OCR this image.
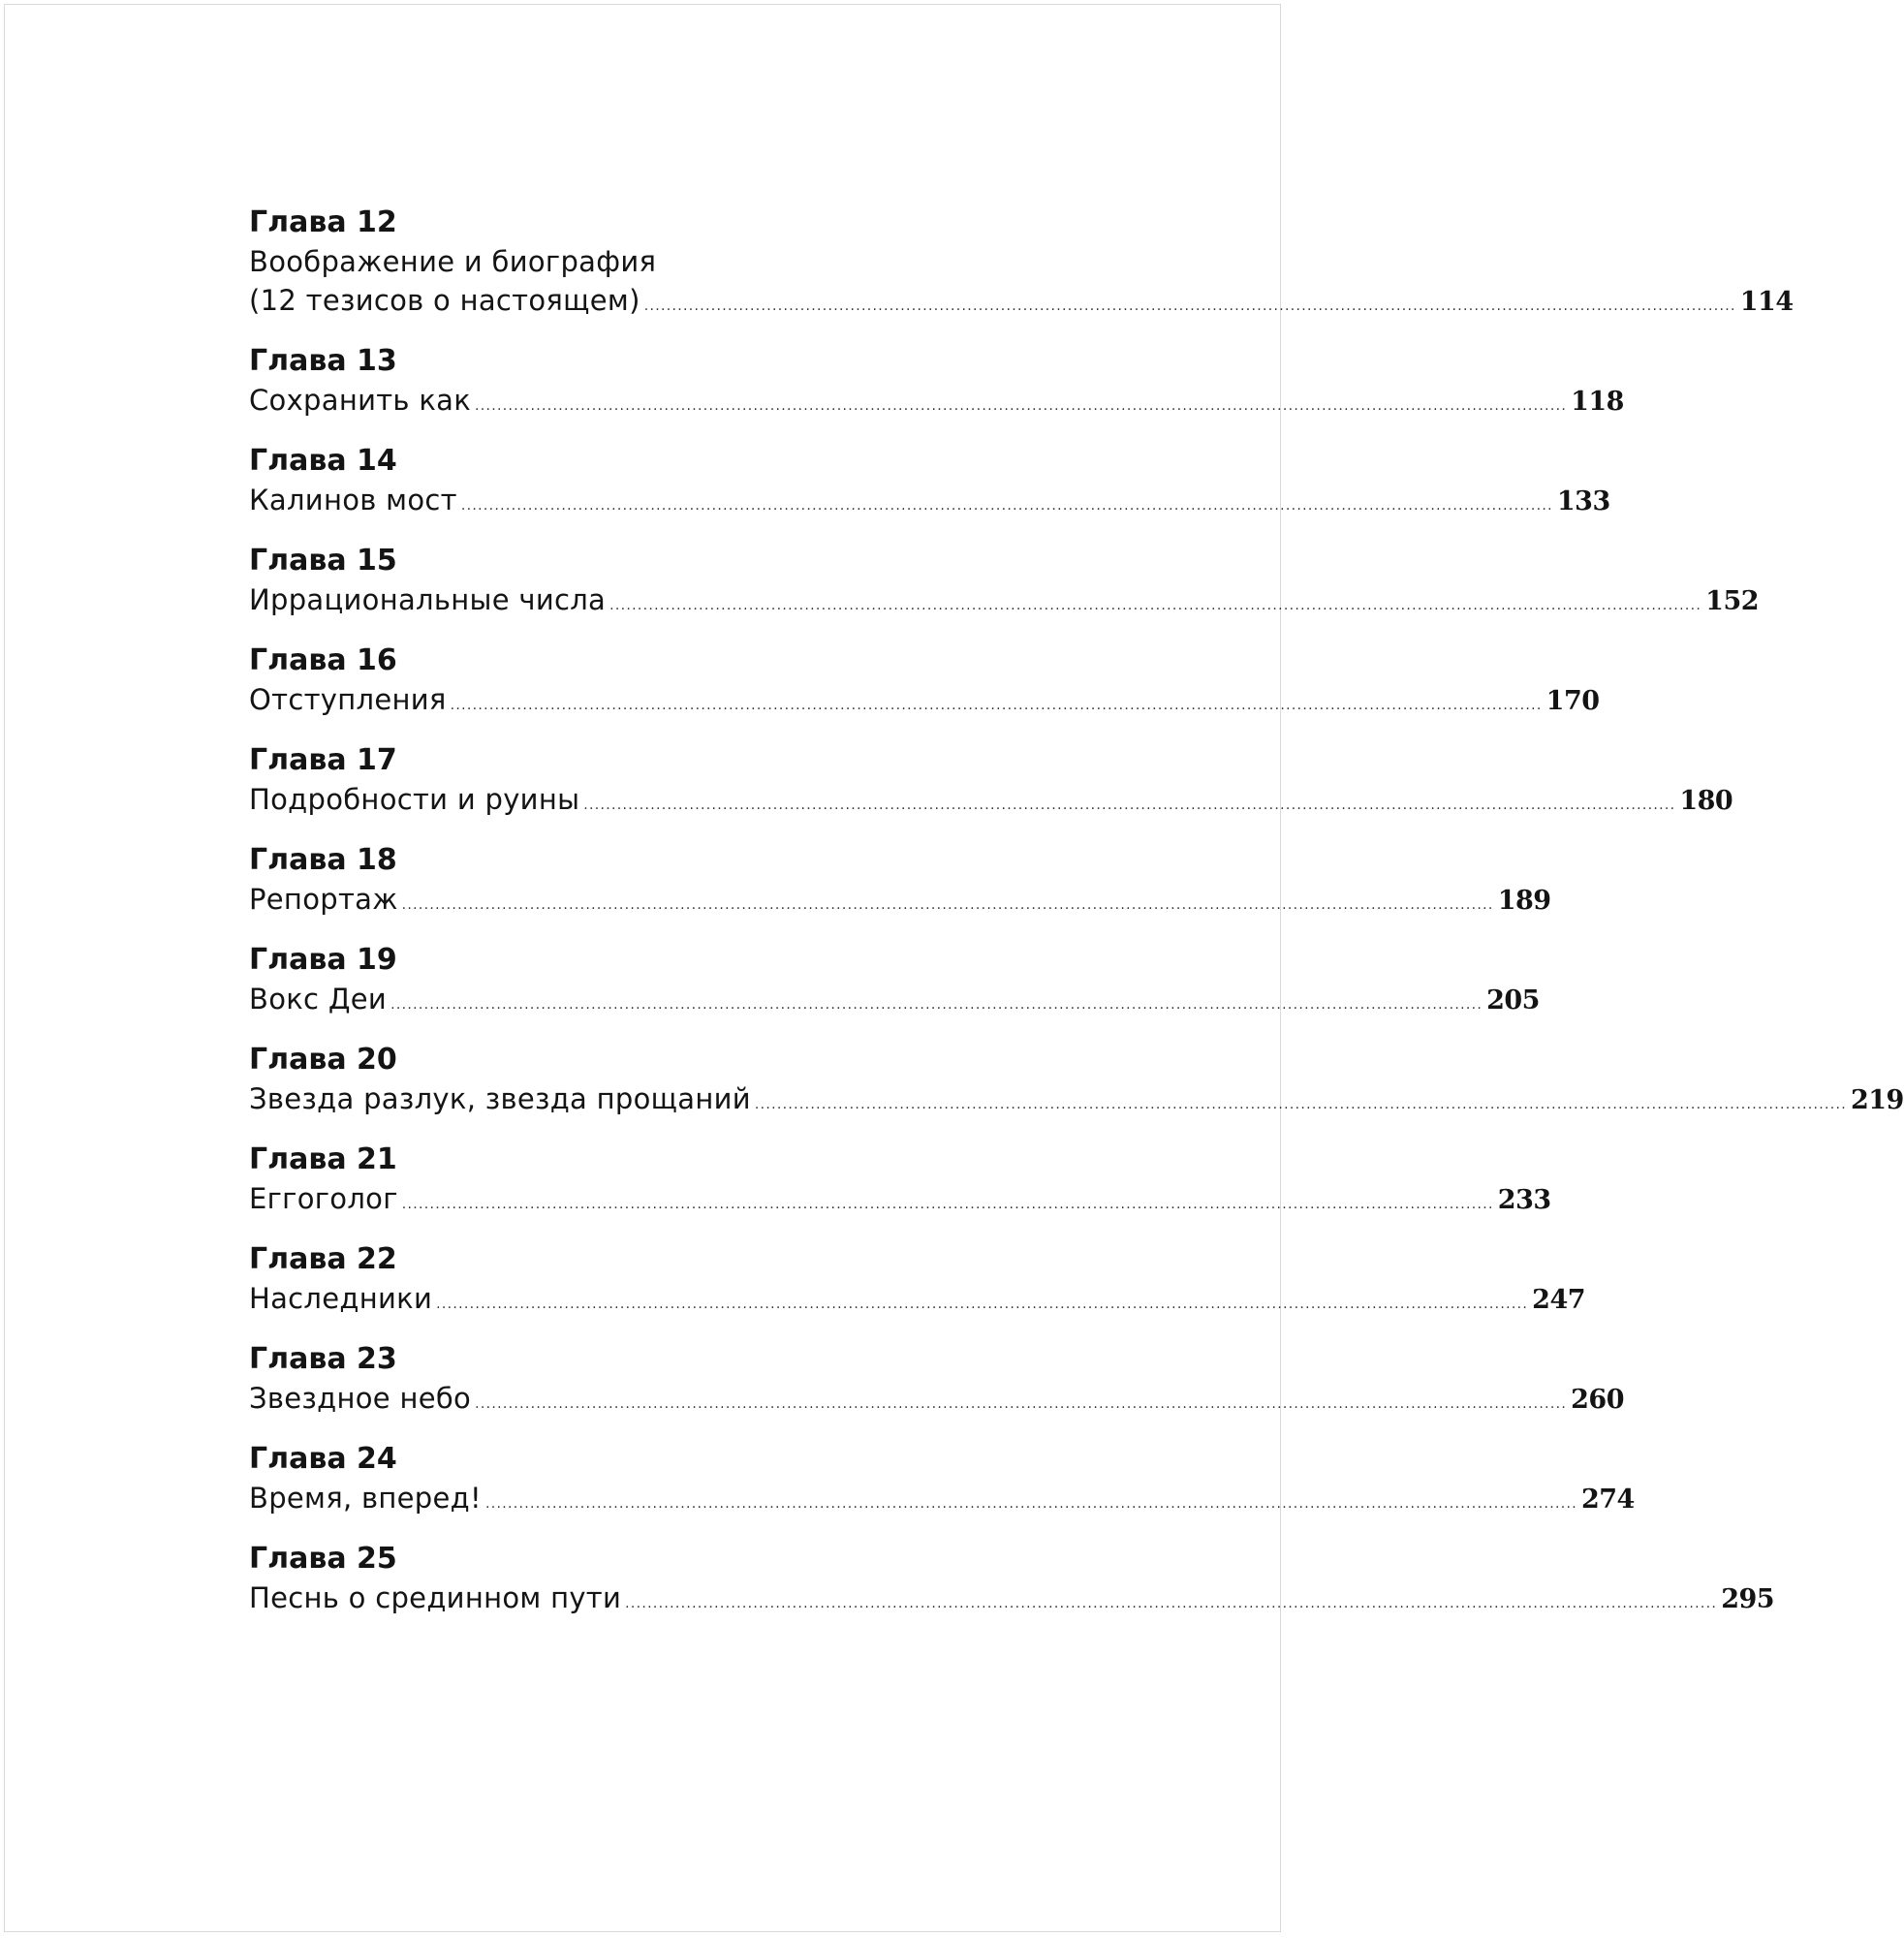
Глава 12
Воображение и биография
(12 тезисов о настоящем) .................................................................................................................................................................................................... 114
Глава 13
Сохранить как .................................................................................................................................................................................................... 118
Глава 14
Калинов мост .................................................................................................................................................................................................... 133
Глава 15
Иррациональные числа .................................................................................................................................................................................................... 152
Глава 16
Отступления .................................................................................................................................................................................................... 170
Глава 17
Подробности и руины .................................................................................................................................................................................................... 180
Глава 18
Репортаж .................................................................................................................................................................................................... 189
Глава 19
Вокс Деи .................................................................................................................................................................................................... 205
Глава 20
Звезда разлук, звезда прощаний .................................................................................................................................................................................................... 219
Глава 21
Еггоголог .................................................................................................................................................................................................... 233
Глава 22
Наследники .................................................................................................................................................................................................... 247
Глава 23
Звездное небо .................................................................................................................................................................................................... 260
Глава 24
Время, вперед! .................................................................................................................................................................................................... 274
Глава 25
Песнь о срединном пути .................................................................................................................................................................................................... 295
